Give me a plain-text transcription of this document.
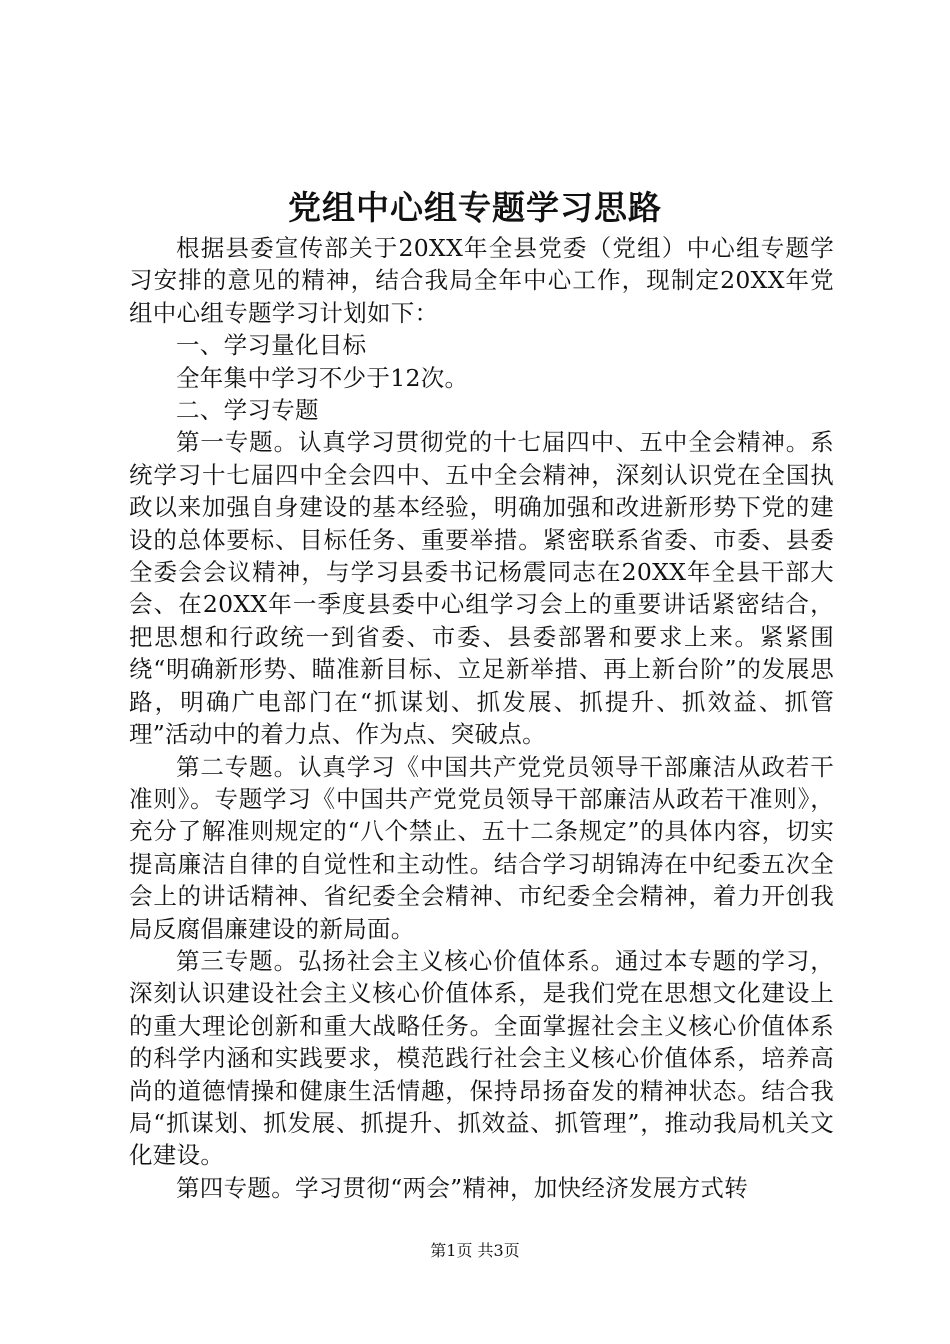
党组中心组专题学习思路

根据县委宣传部关于20XX年全县党委（党组）中心组专题学习安排的意见的精神，结合我局全年中心工作，现制定20XX年党组中心组专题学习计划如下：

一、学习量化目标

全年集中学习不少于12次。

二、学习专题

第一专题。认真学习贯彻党的十七届四中、五中全会精神。系统学习十七届四中全会四中、五中全会精神，深刻认识党在全国执政以来加强自身建设的基本经验，明确加强和改进新形势下党的建设的总体要标、目标任务、重要举措。紧密联系省委、市委、县委全委会会议精神，与学习县委书记杨震同志在20XX年全县干部大会、在20XX年一季度县委中心组学习会上的重要讲话紧密结合，把思想和行政统一到省委、市委、县委部署和要求上来。紧紧围绕“明确新形势、瞄准新目标、立足新举措、再上新台阶”的发展思路，明确广电部门在“抓谋划、抓发展、抓提升、抓效益、抓管理”活动中的着力点、作为点、突破点。

第二专题。认真学习《中国共产党党员领导干部廉洁从政若干准则》。专题学习《中国共产党党员领导干部廉洁从政若干准则》，充分了解准则规定的“八个禁止、五十二条规定”的具体内容，切实提高廉洁自律的自觉性和主动性。结合学习胡锦涛在中纪委五次全会上的讲话精神、省纪委全会精神、市纪委全会精神，着力开创我局反腐倡廉建设的新局面。

第三专题。弘扬社会主义核心价值体系。通过本专题的学习，深刻认识建设社会主义核心价值体系，是我们党在思想文化建设上的重大理论创新和重大战略任务。全面掌握社会主义核心价值体系的科学内涵和实践要求，模范践行社会主义核心价值体系，培养高尚的道德情操和健康生活情趣，保持昂扬奋发的精神状态。结合我局“抓谋划、抓发展、抓提升、抓效益、抓管理”，推动我局机关文化建设。

第四专题。学习贯彻“两会”精神，加快经济发展方式转

第1页 共3页
